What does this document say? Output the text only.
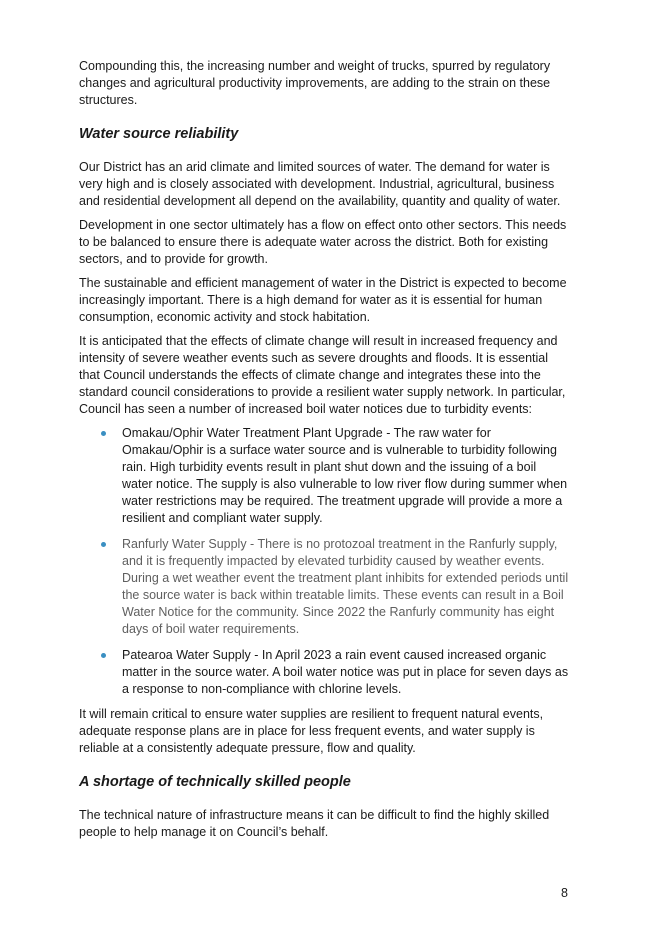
Compounding this, the increasing number and weight of trucks, spurred by regulatory changes and agricultural productivity improvements, are adding to the strain on these structures.

Water source reliability

Our District has an arid climate and limited sources of water. The demand for water is very high and is closely associated with development. Industrial, agricultural, business and residential development all depend on the availability, quantity and quality of water.

Development in one sector ultimately has a flow on effect onto other sectors. This needs to be balanced to ensure there is adequate water across the district. Both for existing sectors, and to provide for growth.

The sustainable and efficient management of water in the District is expected to become increasingly important. There is a high demand for water as it is essential for human consumption, economic activity and stock habitation.

It is anticipated that the effects of climate change will result in increased frequency and intensity of severe weather events such as severe droughts and floods. It is essential that Council understands the effects of climate change and integrates these into the standard council considerations to provide a resilient water supply network. In particular, Council has seen a number of increased boil water notices due to turbidity events:

Omakau/Ophir Water Treatment Plant Upgrade - The raw water for Omakau/Ophir is a surface water source and is vulnerable to turbidity following rain. High turbidity events result in plant shut down and the issuing of a boil water notice. The supply is also vulnerable to low river flow during summer when water restrictions may be required. The treatment upgrade will provide a more a resilient and compliant water supply.
Ranfurly Water Supply - There is no protozoal treatment in the Ranfurly supply, and it is frequently impacted by elevated turbidity caused by weather events. During a wet weather event the treatment plant inhibits for extended periods until the source water is back within treatable limits. These events can result in a Boil Water Notice for the community. Since 2022 the Ranfurly community has eight days of boil water requirements.
Patearoa Water Supply - In April 2023 a rain event caused increased organic matter in the source water. A boil water notice was put in place for seven days as a response to non-compliance with chlorine levels.

It will remain critical to ensure water supplies are resilient to frequent natural events, adequate response plans are in place for less frequent events, and water supply is reliable at a consistently adequate pressure, flow and quality.

A shortage of technically skilled people

The technical nature of infrastructure means it can be difficult to find the highly skilled people to help manage it on Council’s behalf.

8
